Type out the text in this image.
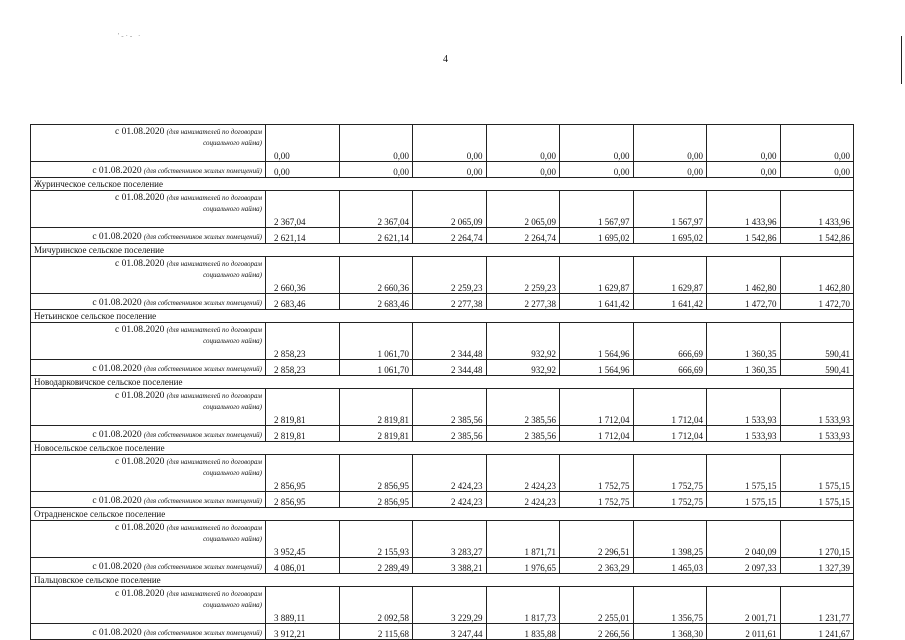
'-·- ·
4
с 01.08.2020 (для нанимателей по договорам
социального найма)	0,00	0,00	0,00	0,00	0,00	0,00	0,00	0,00
с 01.08.2020 (для собственников жилых помещений)	0,00	0,00	0,00	0,00	0,00	0,00	0,00	0,00
Журинческое сельское поселение								

с 01.08.2020 (для нанимателей по договорам
социального найма)	2 367,04	2 367,04	2 065,09	2 065,09	1 567,97	1 567,97	1 433,96	1 433,96
с 01.08.2020 (для собственников жилых помещений)	2 621,14	2 621,14	2 264,74	2 264,74	1 695,02	1 695,02	1 542,86	1 542,86
Мичуринское сельское поселение								

с 01.08.2020 (для нанимателей по договорам
социального найма)	2 660,36	2 660,36	2 259,23	2 259,23	1 629,87	1 629,87	1 462,80	1 462,80
с 01.08.2020 (для собственников жилых помещений)	2 683,46	2 683,46	2 277,38	2 277,38	1 641,42	1 641,42	1 472,70	1 472,70
Нетьинское сельское поселение								

с 01.08.2020 (для нанимателей по договорам
социального найма)	2 858,23	1 061,70	2 344,48	932,92	1 564,96	666,69	1 360,35	590,41
с 01.08.2020 (для собственников жилых помещений)	2 858,23	1 061,70	2 344,48	932,92	1 564,96	666,69	1 360,35	590,41
Новодарковичское сельское поселение								

с 01.08.2020 (для нанимателей по договорам
социального найма)	2 819,81	2 819,81	2 385,56	2 385,56	1 712,04	1 712,04	1 533,93	1 533,93
с 01.08.2020 (для собственников жилых помещений)	2 819,81	2 819,81	2 385,56	2 385,56	1 712,04	1 712,04	1 533,93	1 533,93
Новосельское сельское поселение								

с 01.08.2020 (для нанимателей по договорам
социального найма)	2 856,95	2 856,95	2 424,23	2 424,23	1 752,75	1 752,75	1 575,15	1 575,15
с 01.08.2020 (для собственников жилых помещений)	2 856,95	2 856,95	2 424,23	2 424,23	1 752,75	1 752,75	1 575,15	1 575,15
Отрадненское сельское поселение								

с 01.08.2020 (для нанимателей по договорам
социального найма)	3 952,45	2 155,93	3 283,27	1 871,71	2 296,51	1 398,25	2 040,09	1 270,15
с 01.08.2020 (для собственников жилых помещений)	4 086,01	2 289,49	3 388,21	1 976,65	2 363,29	1 465,03	2 097,33	1 327,39
Пальцовское сельское поселение								

с 01.08.2020 (для нанимателей по договорам
социального найма)	3 889,11	2 092,58	3 229,29	1 817,73	2 255,01	1 356,75	2 001,71	1 231,77
с 01.08.2020 (для собственников жилых помещений)	3 912,21	2 115,68	3 247,44	1 835,88	2 266,56	1 368,30	2 011,61	1 241,67
